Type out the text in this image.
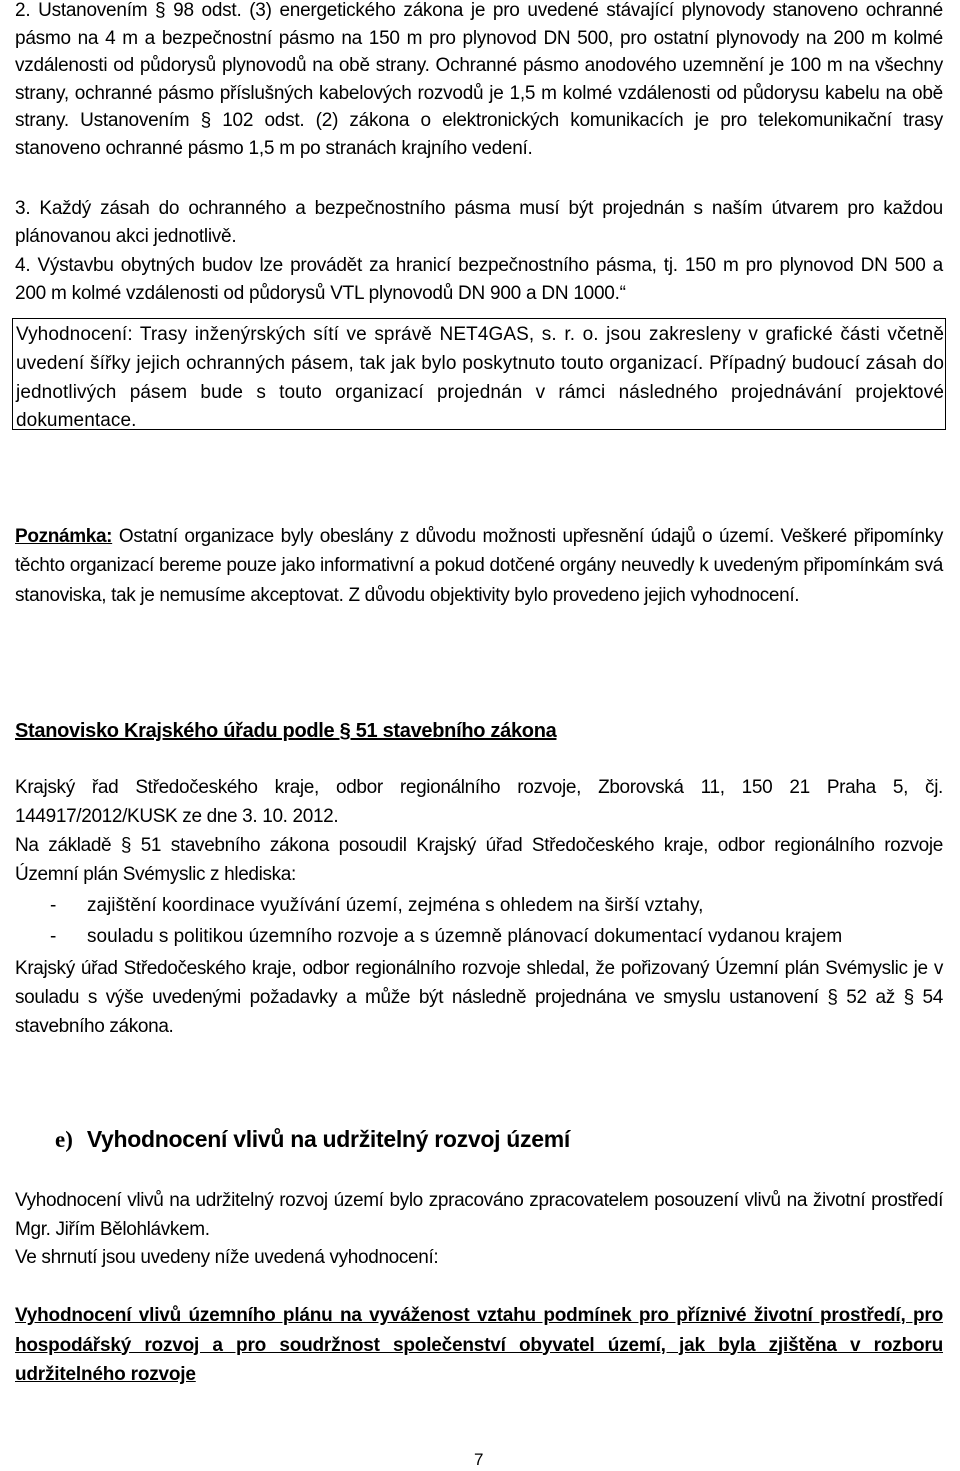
2. Ustanovením § 98 odst. (3) energetického zákona je pro uvedené stávající plynovody stanoveno ochranné pásmo na 4 m a bezpečnostní pásmo na 150 m pro plynovod DN 500, pro ostatní plynovody na 200 m kolmé vzdálenosti od půdorysů plynovodů na obě strany. Ochranné pásmo anodového uzemnění je 100 m na všechny strany, ochranné pásmo příslušných kabelových rozvodů je 1,5 m kolmé vzdálenosti od půdorysu kabelu na obě strany. Ustanovením § 102 odst. (2) zákona o elektronických komunikacích je pro telekomunikační trasy stanoveno ochranné pásmo 1,5 m po stranách krajního vedení.

3. Každý zásah do ochranného a bezpečnostního pásma musí být projednán s naším útvarem pro každou plánovanou akci jednotlivě.

4. Výstavbu obytných budov lze provádět za hranicí bezpečnostního pásma, tj. 150 m pro plynovod DN 500 a 200 m kolmé vzdálenosti od půdorysů VTL plynovodů DN 900 a DN 1000.“

Vyhodnocení: Trasy inženýrských sítí ve správě NET4GAS, s. r. o. jsou zakresleny v grafické části včetně uvedení šířky jejich ochranných pásem, tak jak bylo poskytnuto touto organizací. Případný budoucí zásah do jednotlivých pásem bude s touto organizací projednán v rámci následného projednávání projektové dokumentace.

Poznámka: Ostatní organizace byly obeslány z důvodu možnosti upřesnění údajů o území. Veškeré připomínky těchto organizací bereme pouze jako informativní a pokud dotčené orgány neuvedly k uvedeným připomínkám svá stanoviska, tak je nemusíme akceptovat. Z důvodu objektivity bylo provedeno jejich vyhodnocení.

Stanovisko Krajského úřadu podle § 51 stavebního zákona

Krajský řad Středočeského kraje, odbor regionálního rozvoje, Zborovská 11, 150 21 Praha 5, čj. 144917/2012/KUSK ze dne 3. 10. 2012.

Na základě § 51 stavebního zákona posoudil Krajský úřad Středočeského kraje, odbor regionálního rozvoje Územní plán Svémyslic z hlediska:

- zajištění koordinace využívání území, zejména s ohledem na širší vztahy,
- souladu s politikou územního rozvoje a s územně plánovací dokumentací vydanou krajem

Krajský úřad Středočeského kraje, odbor regionálního rozvoje shledal, že pořizovaný Územní plán Svémyslic je v souladu s výše uvedenými požadavky a může být následně projednána ve smyslu ustanovení § 52 až § 54 stavebního zákona.

e) Vyhodnocení vlivů na udržitelný rozvoj území

Vyhodnocení vlivů na udržitelný rozvoj území bylo zpracováno zpracovatelem posouzení vlivů na životní prostředí Mgr. Jiřím Bělohlávkem.

Ve shrnutí jsou uvedeny níže uvedená vyhodnocení:

Vyhodnocení vlivů územního plánu na vyváženost vztahu podmínek pro příznivé životní prostředí, pro hospodářský rozvoj a pro soudržnost společenství obyvatel území, jak byla zjištěna v rozboru udržitelného rozvoje

7
